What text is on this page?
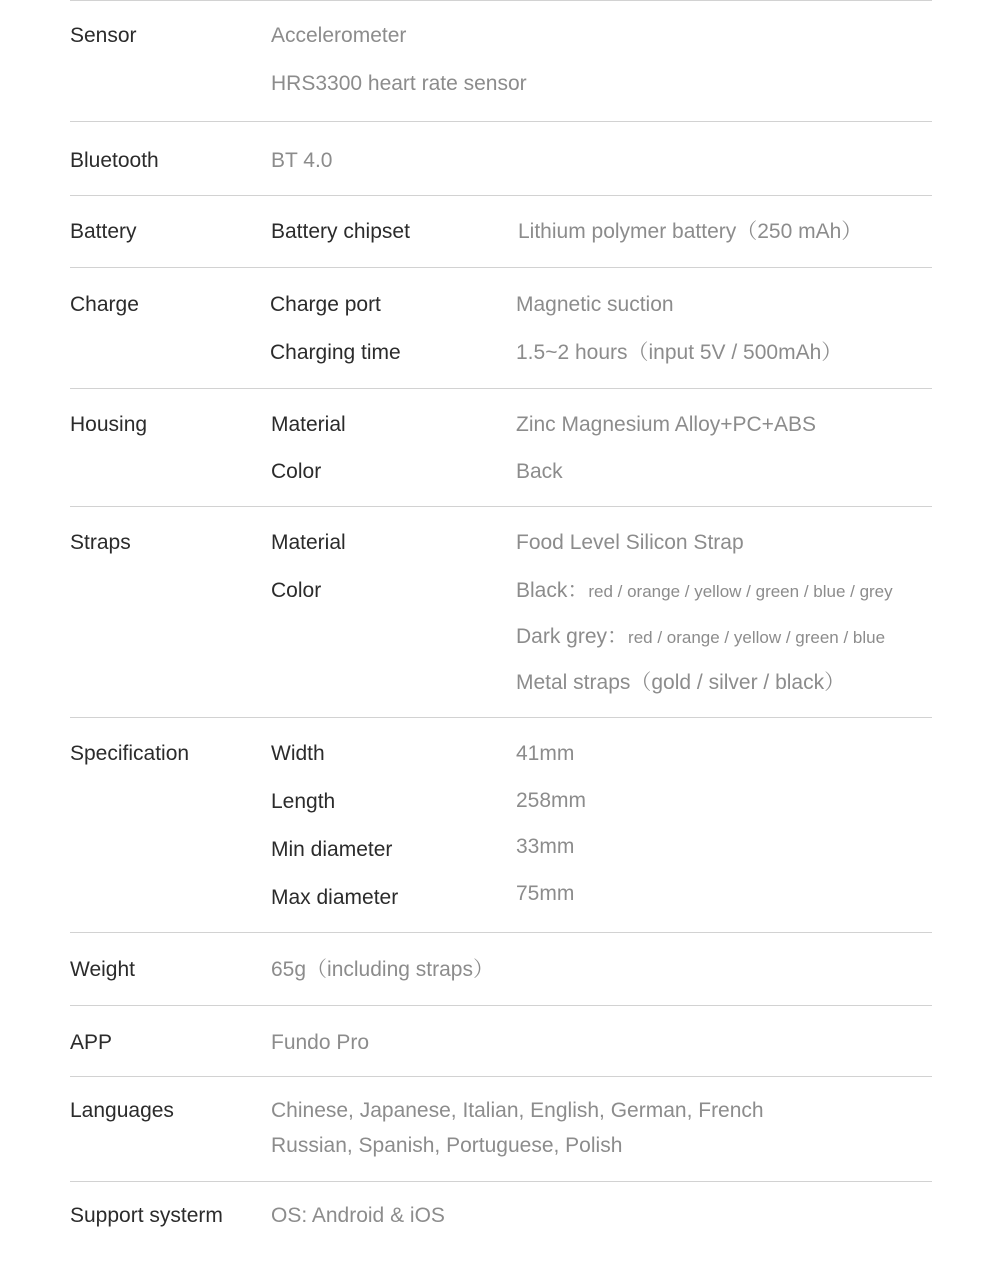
Sensor	Accelerometer
HRS3300 heart rate sensor
Bluetooth	BT 4.0
Battery	Battery chipset	Lithium polymer battery（250 mAh）
Charge	Charge port	Magnetic suction
Charging time	1.5~2 hours（input 5V / 500mAh）
Housing	Material	Zinc Magnesium Alloy+PC+ABS
Color	Back
Straps	Material	Food Level Silicon Strap
Color	Black：red / orange / yellow / green / blue / grey
Dark grey：red / orange / yellow / green / blue
Metal straps（gold / silver / black）
Specification	Width	41mm
Length	258mm
Min diameter	33mm
Max diameter	75mm
Weight	65g（including straps）
APP	Fundo Pro
Languages	Chinese, Japanese, Italian, English, German, French
Russian, Spanish, Portuguese, Polish
Support systerm OS: Android & iOS
